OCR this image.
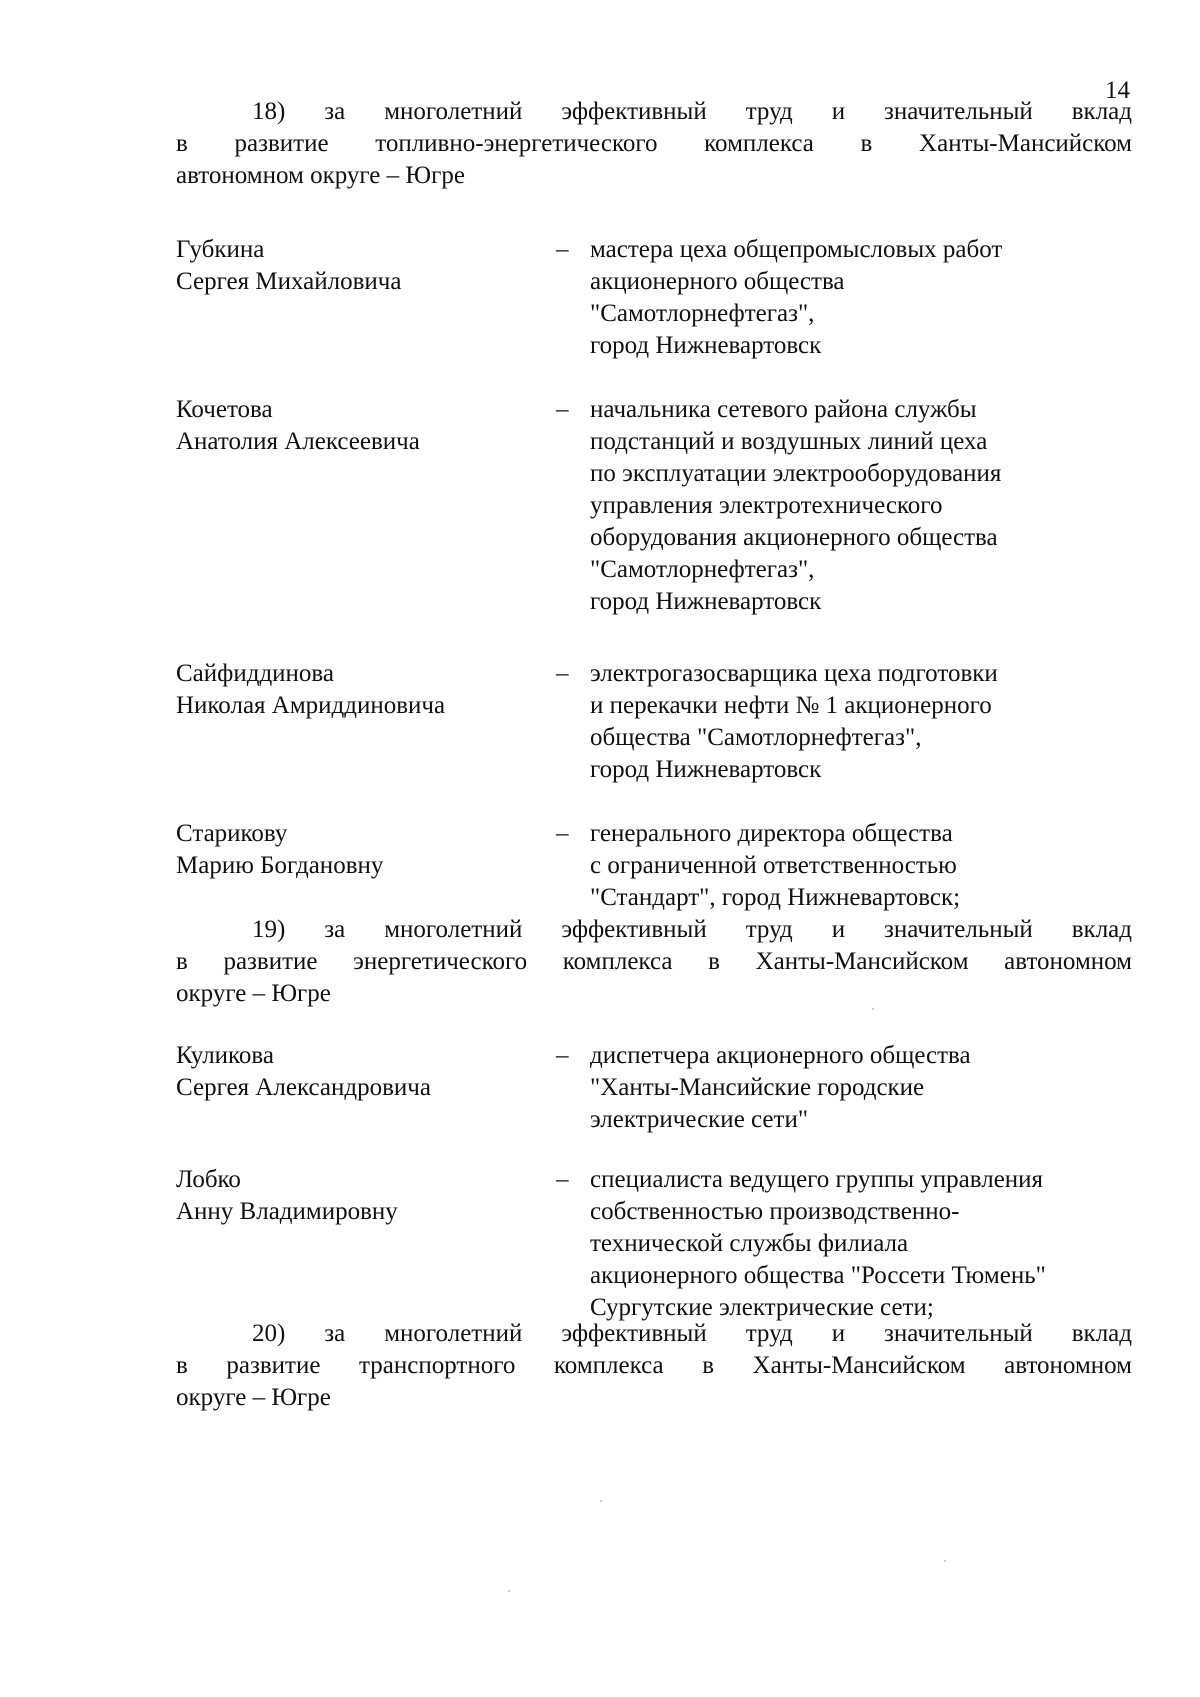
14
18) за многолетний эффективный труд и значительный вклад
в развитие топливно-энергетического комплекса в Ханты-Мансийском
автономном округе – Югре
Губкина
Сергея Михайловича
– мастера цеха общепромысловых работ
акционерного общества
"Самотлорнефтегаз",
город Нижневартовск
Кочетова
Анатолия Алексеевича
– начальника сетевого района службы
подстанций и воздушных линий цеха
по эксплуатации электрооборудования
управления электротехнического
оборудования акционерного общества
"Самотлорнефтегаз",
город Нижневартовск
Сайфиддинова
Николая Амриддиновича
– электрогазосварщика цеха подготовки
и перекачки нефти № 1 акционерного
общества "Самотлорнефтегаз",
город Нижневартовск
Старикову
Марию Богдановну
– генерального директора общества
с ограниченной ответственностью
"Стандарт", город Нижневартовск;
19) за многолетний эффективный труд и значительный вклад
в развитие энергетического комплекса в Ханты-Мансийском автономном
округе – Югре
Куликова
Сергея Александровича
– диспетчера акционерного общества
"Ханты-Мансийские городские
электрические сети"
Лобко
Анну Владимировну
– специалиста ведущего группы управления
собственностью производственно-
технической службы филиала
акционерного общества "Россети Тюмень"
Сургутские электрические сети;
20) за многолетний эффективный труд и значительный вклад
в развитие транспортного комплекса в Ханты-Мансийском автономном
округе – Югре
